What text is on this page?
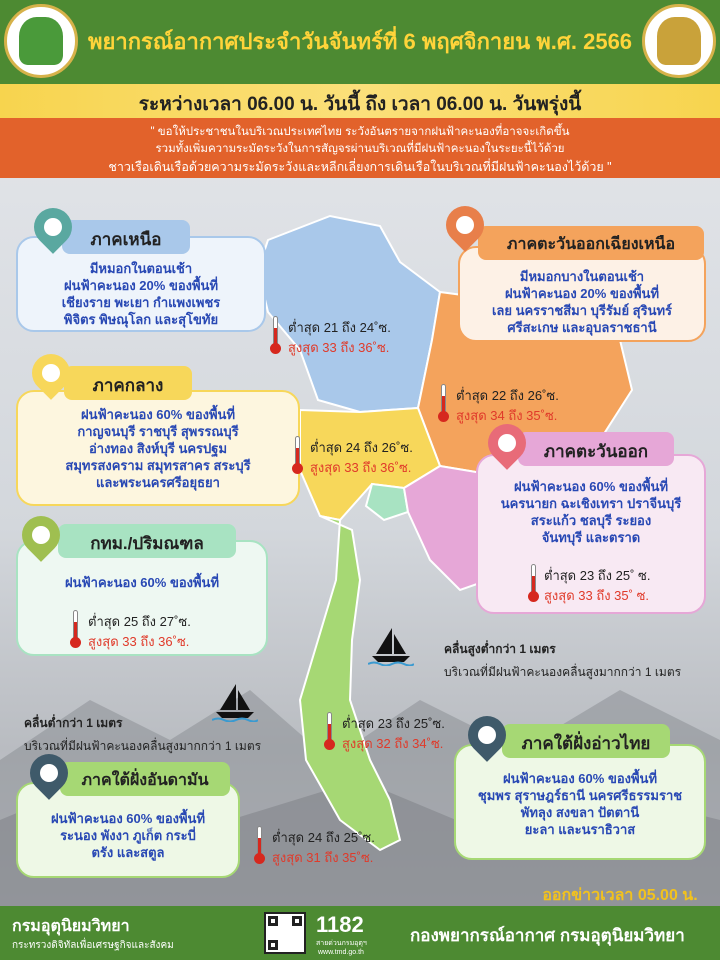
พยากรณ์อากาศประจำวันจันทร์ที่ 6 พฤศจิกายน พ.ศ. 2566
ระหว่างเวลา 06.00 น. วันนี้ ถึง เวลา 06.00 น. วันพรุ่งนี้

" ขอให้ประชาชนในบริเวณประเทศไทย ระวังอันตรายจากฝนฟ้าคะนองที่อาจจะเกิดขึ้น

รวมทั้งเพิ่มความระมัดระวังในการสัญจรผ่านบริเวณที่มีฝนฟ้าคะนองในระยะนี้ไว้ด้วย

ชาวเรือเดินเรือด้วยความระมัดระวังและหลีกเลี่ยงการเดินเรือในบริเวณที่มีฝนฟ้าคะนองไว้ด้วย "

มีหมอกในตอนเช้า
ฝนฟ้าคะนอง 20% ของพื้นที่
เชียงราย พะเยา กำแพงเพชร
พิจิตร พิษณุโลก และสุโขทัย
ภาคเหนือ
มีหมอกบางในตอนเช้า
ฝนฟ้าคะนอง 20% ของพื้นที่
เลย นครราชสีมา บุรีรัมย์ สุรินทร์
ศรีสะเกษ และอุบลราชธานี
ภาคตะวันออกเฉียงเหนือ
ฝนฟ้าคะนอง 60% ของพื้นที่
กาญจนบุรี ราชบุรี สุพรรณบุรี
อ่างทอง สิงห์บุรี นครปฐม
สมุทรสงคราม สมุทรสาคร สระบุรี
และพระนครศรีอยุธยา
ภาคกลาง
ฝนฟ้าคะนอง 60% ของพื้นที่
นครนายก ฉะเชิงเทรา ปราจีนบุรี
สระแก้ว ชลบุรี ระยอง
จันทบุรี และตราด
ภาคตะวันออก
ต่ำสุด 23 ถึง 25˚ ซ.
สูงสุด 33 ถึง 35˚ ซ.
ฝนฟ้าคะนอง 60% ของพื้นที่
กทม./ปริมณฑล
ต่ำสุด 25 ถึง 27˚ซ.
สูงสุด 33 ถึง 36˚ซ.
ฝนฟ้าคะนอง 60% ของพื้นที่
ชุมพร สุราษฎร์ธานี นครศรีธรรมราช
พัทลุง สงขลา ปัตตานี
ยะลา และนราธิวาส
ภาคใต้ฝั่งอ่าวไทย
ฝนฟ้าคะนอง 60% ของพื้นที่
ระนอง พังงา ภูเก็ต กระบี่
ตรัง และสตูล
ภาคใต้ฝั่งอันดามัน
ต่ำสุด 21 ถึง 24˚ซ.
สูงสุด 33 ถึง 36˚ซ.
ต่ำสุด 22 ถึง 26˚ซ.
สูงสุด 34 ถึง 35˚ซ.
ต่ำสุด 24 ถึง 26˚ซ.
สูงสุด 33 ถึง 36˚ซ.
ต่ำสุด 23 ถึง 25˚ซ.
สูงสุด 32 ถึง 34˚ซ.
ต่ำสุด 24 ถึง 25˚ซ.
สูงสุด 31 ถึง 35˚ซ.
คลื่นสูงต่ำกว่า 1 เมตร
บริเวณที่มีฝนฟ้าคะนองคลื่นสูงมากกว่า 1 เมตร
คลื่นต่ำกว่า 1 เมตร
บริเวณที่มีฝนฟ้าคะนองคลื่นสูงมากกว่า 1 เมตร
ออกข่าวเวลา 05.00 น.
กรมอุตุนิยมวิทยา
กระทรวงดิจิทัลเพื่อเศรษฐกิจและสังคม
1182
สายด่วนกรมอุตุฯ
www.tmd.go.th
กองพยากรณ์อากาศ กรมอุตุนิยมวิทยา
